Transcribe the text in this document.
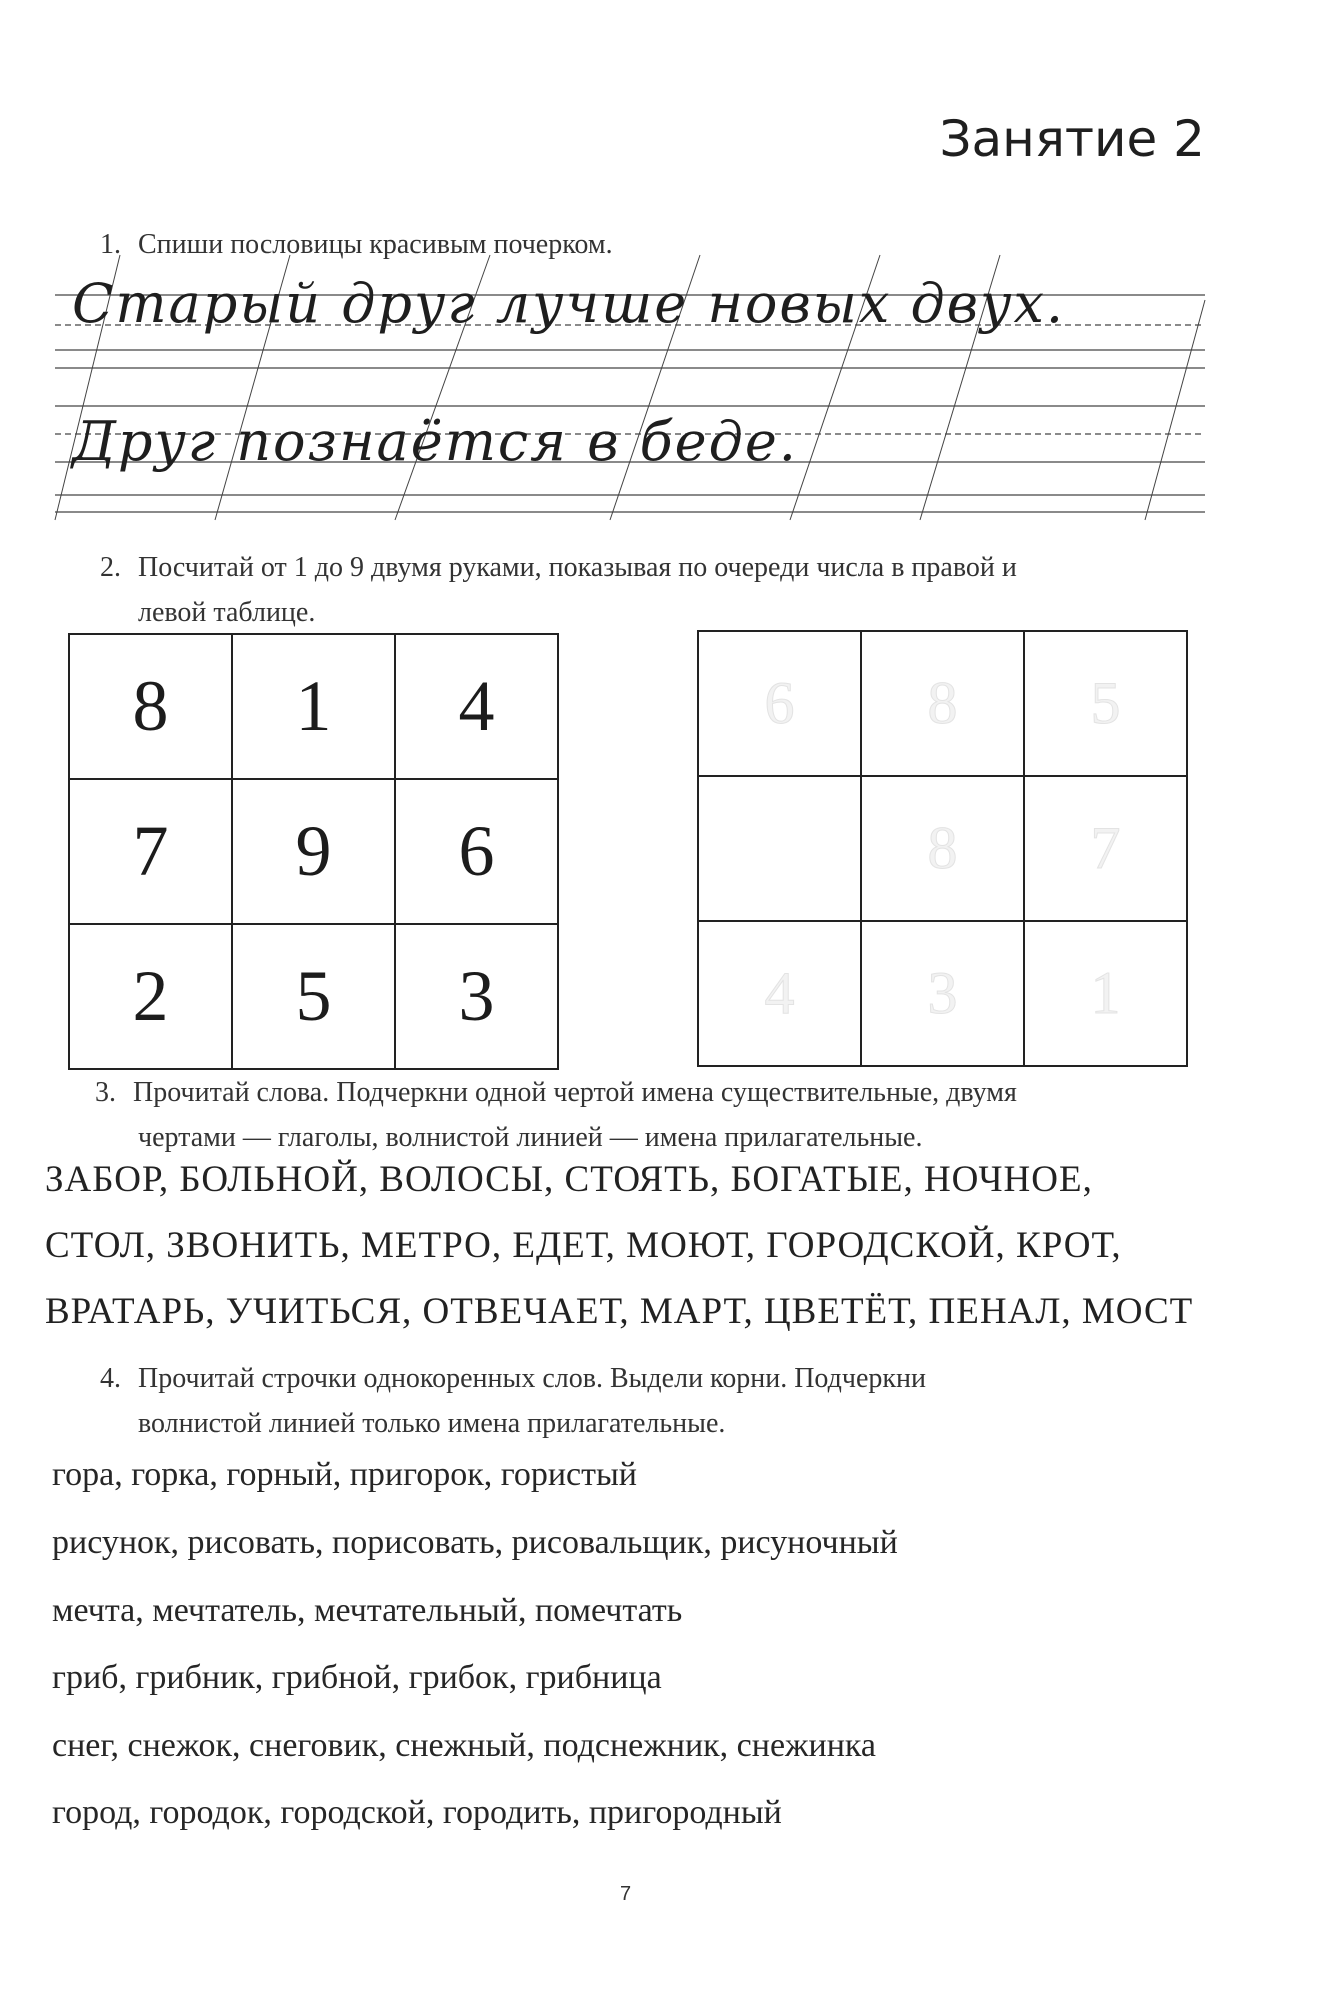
Занятие 2
1. Спиши пословицы красивым почерком.
Старый друг лучше новых двух.
Друг познаётся в беде.
2. Посчитай от 1 до 9 двумя руками, показывая по очереди числа в правой и
левой таблице.
8	1	4
7	9	6
2	5	3
6	8	5
	8	7
4	3	1
3. Прочитай слова. Подчеркни одной чертой имена существительные, двумя
чертами — глаголы, волнистой линией — имена прилагательные.
ЗАБОР, БОЛЬНОЙ, ВОЛОСЫ, СТОЯТЬ, БОГАТЫЕ, НОЧНОЕ,
СТОЛ, ЗВОНИТЬ, МЕТРО, ЕДЕТ, МОЮТ, ГОРОДСКОЙ, КРОТ,
ВРАТАРЬ, УЧИТЬСЯ, ОТВЕЧАЕТ, МАРТ, ЦВЕТЁТ, ПЕНАЛ, МОСТ
4. Прочитай строчки однокоренных слов. Выдели корни. Подчеркни
волнистой линией только имена прилагательные.
гора, горка, горный, пригорок, гористый
рисунок, рисовать, порисовать, рисовальщик, рисуночный
мечта, мечтатель, мечтательный, помечтать
гриб, грибник, грибной, грибок, грибница
снег, снежок, снеговик, снежный, подснежник, снежинка
город, городок, городской, городить, пригородный
7
